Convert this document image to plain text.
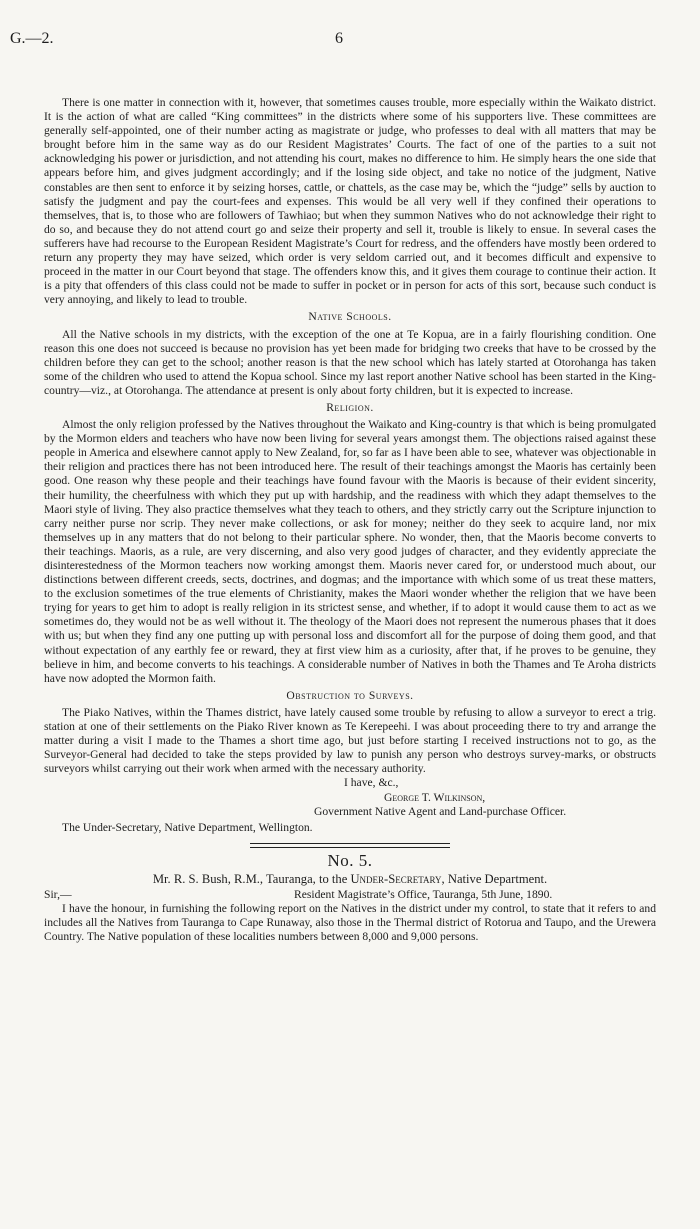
G.—2.	6

There is one matter in connection with it, however, that sometimes causes trouble, more especially within the Waikato district. It is the action of what are called “King committees” in the districts where some of his supporters live. These committees are generally self-appointed, one of their number acting as magistrate or judge, who professes to deal with all matters that may be brought before him in the same way as do our Resident Magistrates’ Courts. The fact of one of the parties to a suit not acknowledging his power or jurisdiction, and not attending his court, makes no difference to him. He simply hears the one side that appears before him, and gives judgment accordingly; and if the losing side object, and take no notice of the judgment, Native constables are then sent to enforce it by seizing horses, cattle, or chattels, as the case may be, which the “judge” sells by auction to satisfy the judgment and pay the court-fees and expenses. This would be all very well if they confined their operations to themselves, that is, to those who are followers of Tawhiao; but when they summon Natives who do not acknowledge their right to do so, and because they do not attend court go and seize their property and sell it, trouble is likely to ensue. In several cases the sufferers have had recourse to the European Resident Magistrate’s Court for redress, and the offenders have mostly been ordered to return any property they may have seized, which order is very seldom carried out, and it becomes difficult and expensive to proceed in the matter in our Court beyond that stage. The offenders know this, and it gives them courage to continue their action. It is a pity that offenders of this class could not be made to suffer in pocket or in person for acts of this sort, because such conduct is very annoying, and likely to lead to trouble.

Native Schools.

All the Native schools in my districts, with the exception of the one at Te Kopua, are in a fairly flourishing condition. One reason this one does not succeed is because no provision has yet been made for bridging two creeks that have to be crossed by the children before they can get to the school; another reason is that the new school which has lately started at Otorohanga has taken some of the children who used to attend the Kopua school. Since my last report another Native school has been started in the King-country—viz., at Otorohanga. The attendance at present is only about forty children, but it is expected to increase.

Religion.

Almost the only religion professed by the Natives throughout the Waikato and King-country is that which is being promulgated by the Mormon elders and teachers who have now been living for several years amongst them. The objections raised against these people in America and elsewhere cannot apply to New Zealand, for, so far as I have been able to see, whatever was objectionable in their religion and practices there has not been introduced here. The result of their teachings amongst the Maoris has certainly been good. One reason why these people and their teachings have found favour with the Maoris is because of their evident sincerity, their humility, the cheerfulness with which they put up with hardship, and the readiness with which they adapt themselves to the Maori style of living. They also practice themselves what they teach to others, and they strictly carry out the Scripture injunction to carry neither purse nor scrip. They never make collections, or ask for money; neither do they seek to acquire land, nor mix themselves up in any matters that do not belong to their particular sphere. No wonder, then, that the Maoris become converts to their teachings. Maoris, as a rule, are very discerning, and also very good judges of character, and they evidently appreciate the disinterestedness of the Mormon teachers now working amongst them. Maoris never cared for, or understood much about, our distinctions between different creeds, sects, doctrines, and dogmas; and the importance with which some of us treat these matters, to the exclusion sometimes of the true elements of Christianity, makes the Maori wonder whether the religion that we have been trying for years to get him to adopt is really religion in its strictest sense, and whether, if to adopt it would cause them to act as we sometimes do, they would not be as well without it. The theology of the Maori does not represent the numerous phases that it does with us; but when they find any one putting up with personal loss and discomfort all for the purpose of doing them good, and that without expectation of any earthly fee or reward, they at first view him as a curiosity, after that, if he proves to be genuine, they believe in him, and become converts to his teachings. A considerable number of Natives in both the Thames and Te Aroha districts have now adopted the Mormon faith.

Obstruction to Surveys.

The Piako Natives, within the Thames district, have lately caused some trouble by refusing to allow a surveyor to erect a trig. station at one of their settlements on the Piako River known as Te Kerepeehi. I was about proceeding there to try and arrange the matter during a visit I made to the Thames a short time ago, but just before starting I received instructions not to go, as the Surveyor-General had decided to take the steps provided by law to punish any person who destroys survey-marks, or obstructs surveyors whilst carrying out their work when armed with the necessary authority.

I have, &c.,
George T. Wilkinson,
Government Native Agent and Land-purchase Officer.
The Under-Secretary, Native Department, Wellington.
No. 5.
Mr. R. S. Bush, R.M., Tauranga, to the Under-Secretary, Native Department.
Sir,—	Resident Magistrate’s Office, Tauranga, 5th June, 1890.

I have the honour, in furnishing the following report on the Natives in the district under my control, to state that it refers to and includes all the Natives from Tauranga to Cape Runaway, also those in the Thermal district of Rotorua and Taupo, and the Urewera Country. The Native population of these localities numbers between 8,000 and 9,000 persons.
